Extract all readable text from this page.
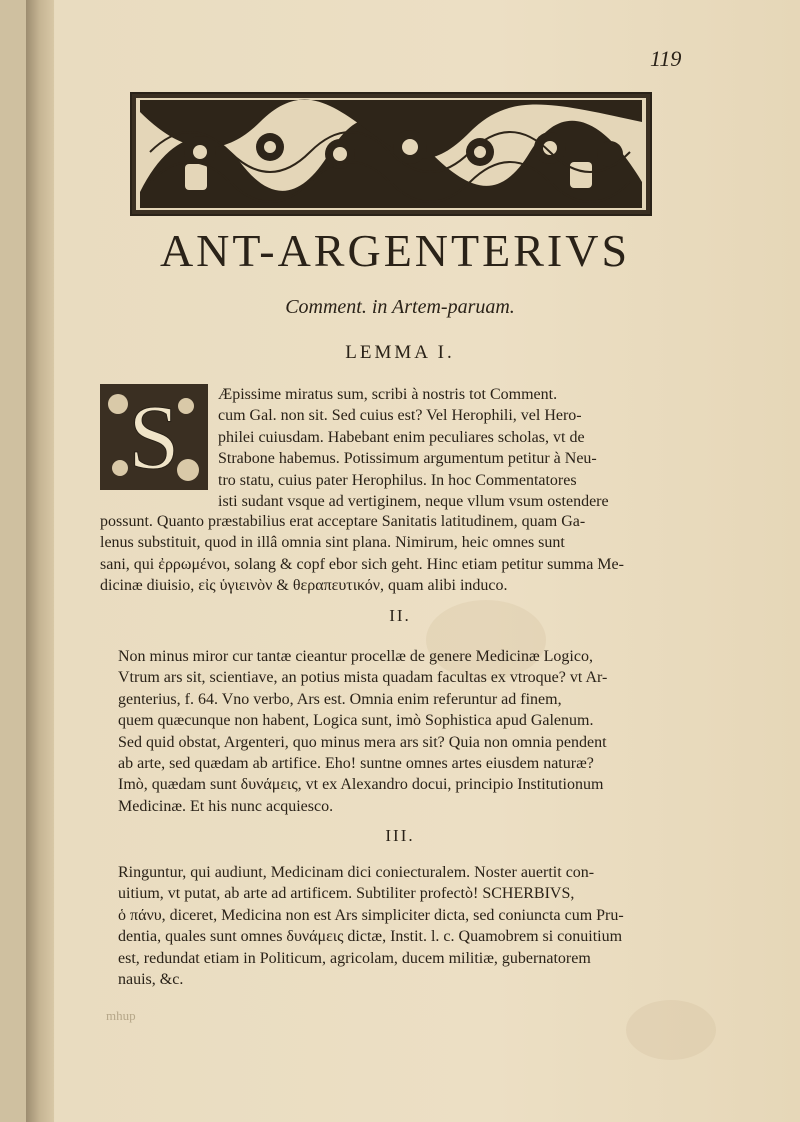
119
ANT-ARGENTERIVS
Comment. in Artem-paruam.
LEMMA I.
S Æpissime miratus sum, scribi à nostris tot Comment.
cum Gal. non sit. Sed cuius est? Vel Herophili, vel Hero-
philei cuiusdam. Habebant enim peculiares scholas, vt de
Strabone habemus. Potissimum argumentum petitur à Neu-
tro statu, cuius pater Herophilus. In hoc Commentatores
isti sudant vsque ad vertiginem, neque vllum vsum ostendere
possunt. Quanto præstabilius erat acceptare Sanitatis latitudinem, quam Ga-
lenus substituit, quod in illâ omnia sint plana. Nimirum, heic omnes sunt
sani, qui ἐρρωμένοι, solang & copf ebor sich geht. Hinc etiam petitur summa Me-
dicinæ diuisio, εἰς ὑγιεινὸν & θεραπευτικόν, quam alibi induco.
II.
Non minus miror cur tantæ cieantur procellæ de genere Medicinæ Logico,
Vtrum ars sit, scientiave, an potius mista quadam facultas ex vtroque? vt Ar-
genterius, f. 64. Vno verbo, Ars est. Omnia enim referuntur ad finem,
quem quæcunque non habent, Logica sunt, imò Sophistica apud Galenum.
Sed quid obstat, Argenteri, quo minus mera ars sit? Quia non omnia pendent
ab arte, sed quædam ab artifice. Eho! suntne omnes artes eiusdem naturæ?
Imò, quædam sunt δυνάμεις, vt ex Alexandro docui, principio Institutionum
Medicinæ. Et his nunc acquiesco.
III.
Ringuntur, qui audiunt, Medicinam dici coniecturalem. Noster auertit con-
uitium, vt putat, ab arte ad artificem. Subtiliter profectò! SCHERBIVS,
ὁ πάνυ, diceret, Medicina non est Ars simpliciter dicta, sed coniuncta cum Pru-
dentia, quales sunt omnes δυνάμεις dictæ, Instit. l. c. Quamobrem si conuitium
est, redundat etiam in Politicum, agricolam, ducem militiæ, gubernatorem
nauis, &c.
mhup
